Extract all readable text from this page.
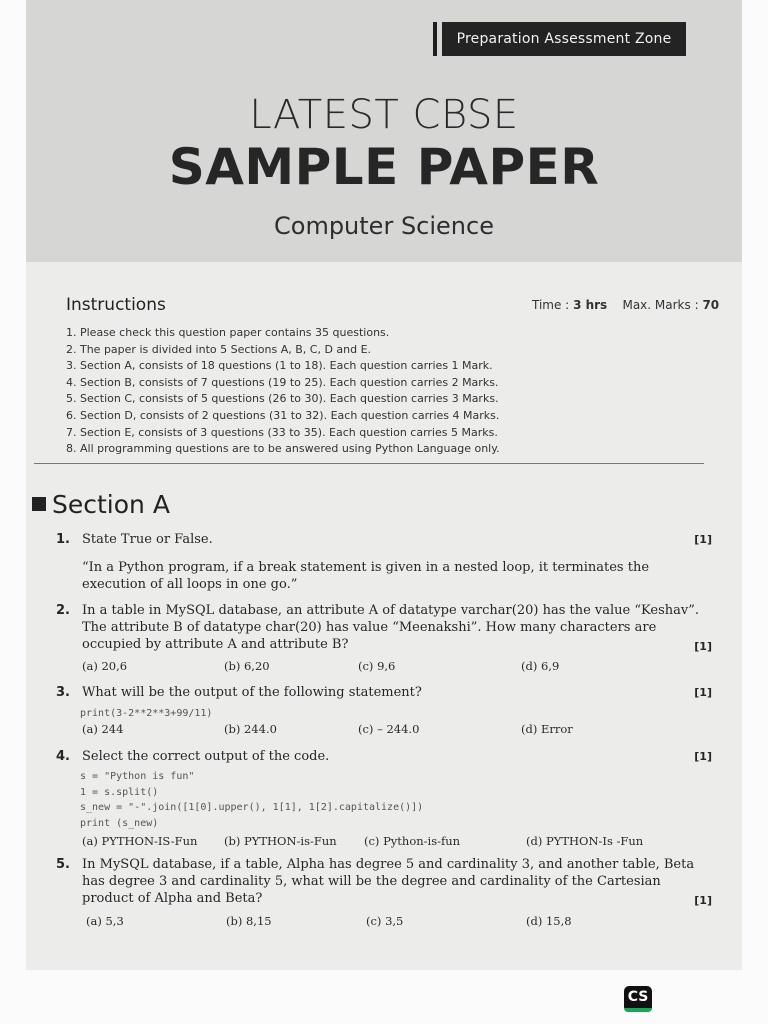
Preparation Assessment Zone
LATEST CBSE
SAMPLE PAPER
Computer Science
Instructions	Time : 3 hrs Max. Marks : 70
1. Please check this question paper contains 35 questions.
2. The paper is divided into 5 Sections A, B, C, D and E.
3. Section A, consists of 18 questions (1 to 18). Each question carries 1 Mark.
4. Section B, consists of 7 questions (19 to 25). Each question carries 2 Marks.
5. Section C, consists of 5 questions (26 to 30). Each question carries 3 Marks.
6. Section D, consists of 2 questions (31 to 32). Each question carries 4 Marks.
7. Section E, consists of 3 questions (33 to 35). Each question carries 5 Marks.
8. All programming questions are to be answered using Python Language only.
Section A
1. State True or False.	[1]
“In a Python program, if a break statement is given in a nested loop, it terminates the execution of all loops in one go.”
2. In a table in MySQL database, an attribute A of datatype varchar(20) has the value “Keshav”. The attribute B of datatype char(20) has value “Meenakshi”. How many characters are occupied by attribute A and attribute B?	[1]
(a) 20,6	(b) 6,20	(c) 9,6	(d) 6,9
3. What will be the output of the following statement?	[1]
print(3-2**2**3+99/11)
(a) 244	(b) 244.0	(c) – 244.0	(d) Error
4. Select the correct output of the code.	[1]
s = "Python is fun"
1 = s.split()
s_new = "-".join([1[0].upper(), 1[1], 1[2].capitalize()])
print (s_new)
(a) PYTHON-IS-Fun (b) PYTHON-is-Fun (c) Python-is-fun	(d) PYTHON-Is -Fun
5. In MySQL database, if a table, Alpha has degree 5 and cardinality 3, and another table, Beta has degree 3 and cardinality 5, what will be the degree and cardinality of the Cartesian product of Alpha and Beta?	[1]
(a) 5,3	(b) 8,15	(c) 3,5	(d) 15,8
CS
